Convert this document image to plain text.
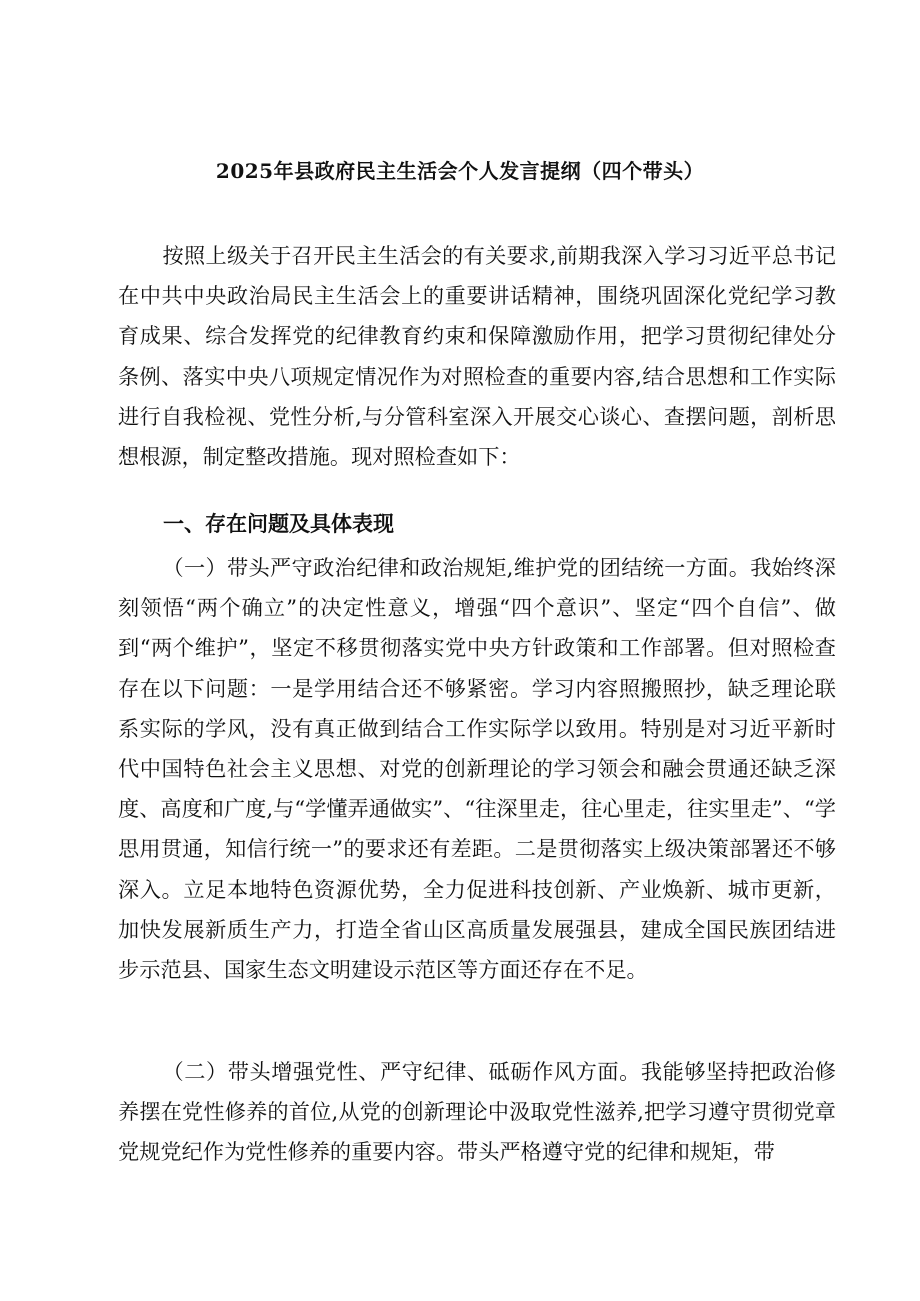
2025年县政府民主生活会个人发言提纲（四个带头）

按照上级关于召开民主生活会的有关要求,前期我深入学习习近平总书记在中共中央政治局民主生活会上的重要讲话精神，围绕巩固深化党纪学习教育成果、综合发挥党的纪律教育约束和保障激励作用，把学习贯彻纪律处分条例、落实中央八项规定情况作为对照检查的重要内容,结合思想和工作实际进行自我检视、党性分析,与分管科室深入开展交心谈心、查摆问题，剖析思想根源，制定整改措施。现对照检查如下：

一、存在问题及具体表现

（一）带头严守政治纪律和政治规矩,维护党的团结统一方面。我始终深刻领悟“两个确立”的决定性意义，增强“四个意识”、坚定“四个自信”、做到“两个维护”，坚定不移贯彻落实党中央方针政策和工作部署。但对照检查存在以下问题：一是学用结合还不够紧密。学习内容照搬照抄，缺乏理论联系实际的学风，没有真正做到结合工作实际学以致用。特别是对习近平新时代中国特色社会主义思想、对党的创新理论的学习领会和融会贯通还缺乏深度、高度和广度,与“学懂弄通做实”、“往深里走，往心里走，往实里走”、“学思用贯通，知信行统一”的要求还有差距。二是贯彻落实上级决策部署还不够深入。立足本地特色资源优势，全力促进科技创新、产业焕新、城市更新，加快发展新质生产力，打造全省山区高质量发展强县，建成全国民族团结进步示范县、国家生态文明建设示范区等方面还存在不足。

（二）带头增强党性、严守纪律、砥砺作风方面。我能够坚持把政治修养摆在党性修养的首位,从党的创新理论中汲取党性滋养,把学习遵守贯彻党章党规党纪作为党性修养的重要内容。带头严格遵守党的纪律和规矩，带
